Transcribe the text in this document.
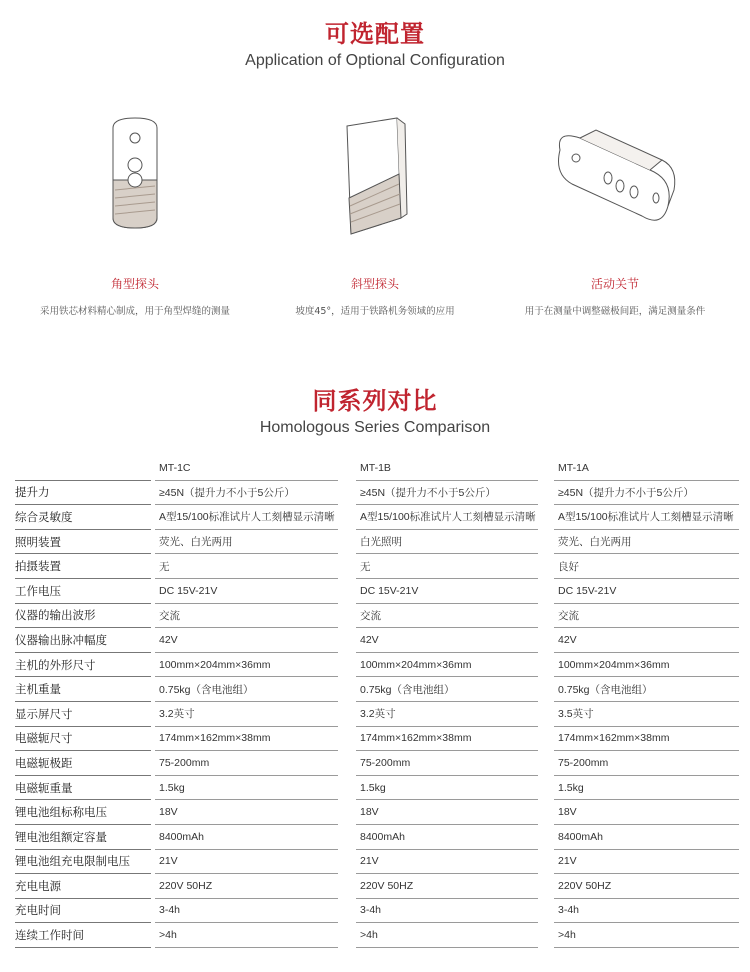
可选配置
Application of Optional Configuration
角型探头
采用铁芯材料精心制成，用于角型焊缝的测量
斜型探头
坡度45°，适用于铁路机务领域的应用
活动关节
用于在测量中调整磁极间距，满足测量条件
同系列对比
Homologous Series Comparison
		MT-1C		MT-1B		MT-1A
提升力		≥45N（提升力不小于5公斤）		≥45N（提升力不小于5公斤）		≥45N（提升力不小于5公斤）
综合灵敏度		A型15/100标准试片人工刻槽显示清晰		A型15/100标准试片人工刻槽显示清晰		A型15/100标准试片人工刻槽显示清晰
照明装置		荧光、白光两用		白光照明		荧光、白光两用
拍摄装置		无		无		良好
工作电压		DC 15V-21V		DC 15V-21V		DC 15V-21V
仪器的输出波形		交流		交流		交流
仪器输出脉冲幅度		42V		42V		42V
主机的外形尺寸		100mm×204mm×36mm		100mm×204mm×36mm		100mm×204mm×36mm
主机重量		0.75kg（含电池组）		0.75kg（含电池组）		0.75kg（含电池组）
显示屏尺寸		3.2英寸		3.2英寸		3.5英寸
电磁轭尺寸		174mm×162mm×38mm		174mm×162mm×38mm		174mm×162mm×38mm
电磁轭极距		75-200mm		75-200mm		75-200mm
电磁轭重量		1.5kg		1.5kg		1.5kg
锂电池组标称电压		18V		18V		18V
锂电池组额定容量		8400mAh		8400mAh		8400mAh
锂电池组充电限制电压		21V		21V		21V
充电电源		220V 50HZ		220V 50HZ		220V 50HZ
充电时间		3-4h		3-4h		3-4h
连续工作时间		>4h		>4h		>4h
